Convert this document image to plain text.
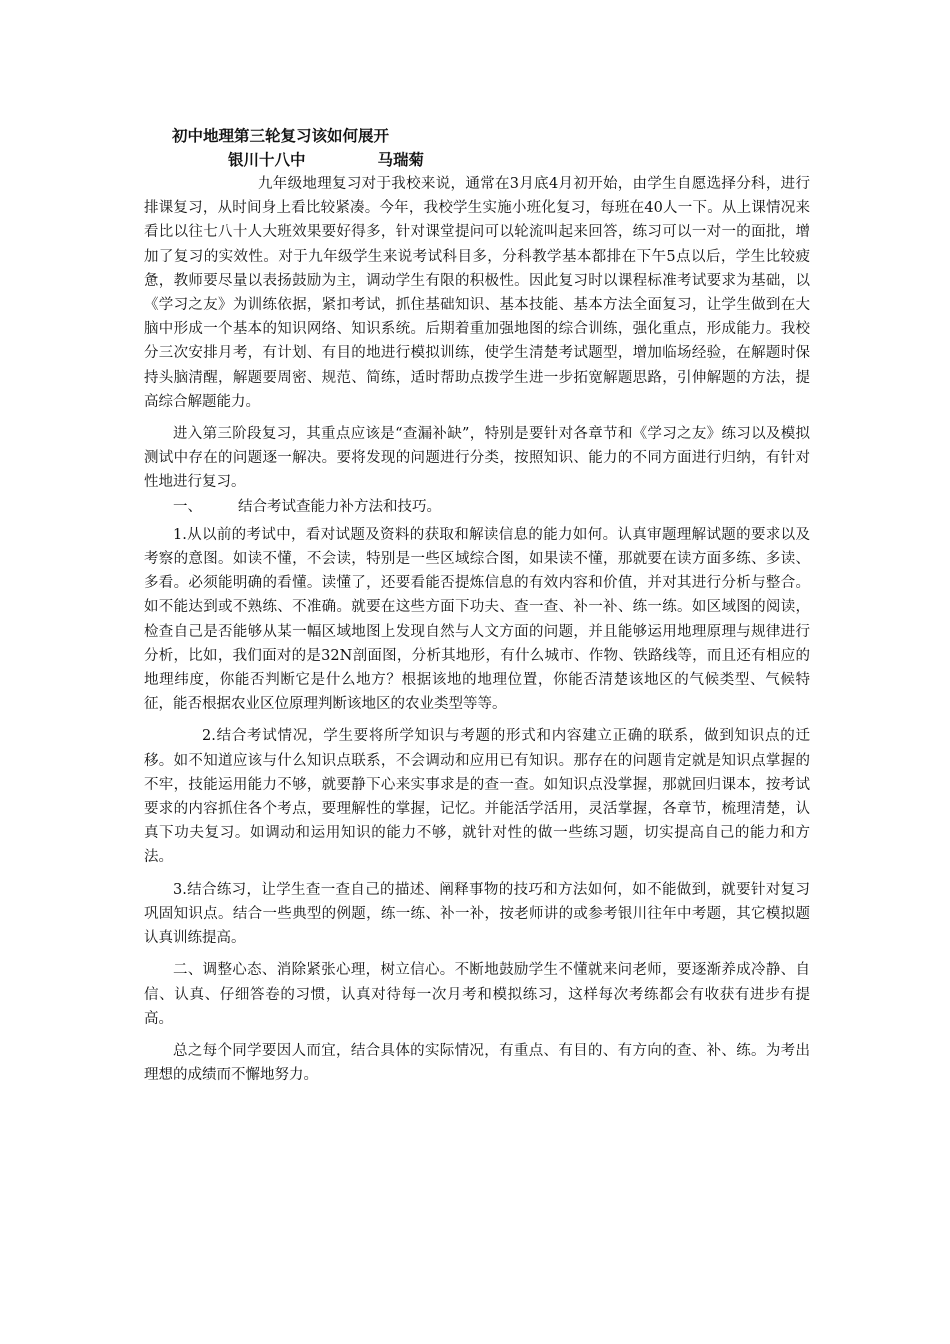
初中地理第三轮复习该如何展开
银川十八中	马瑞菊

九年级地理复习对于我校来说，通常在3月底4月初开始，由学生自愿选择分科，进行排课复习，从时间身上看比较紧凑。今年，我校学生实施小班化复习，每班在40人一下。从上课情况来看比以往七八十人大班效果要好得多，针对课堂提问可以轮流叫起来回答，练习可以一对一的面批，增加了复习的实效性。对于九年级学生来说考试科目多，分科教学基本都排在下午5点以后，学生比较疲惫，教师要尽量以表扬鼓励为主，调动学生有限的积极性。因此复习时以课程标准考试要求为基础，以《学习之友》为训练依据，紧扣考试，抓住基础知识、基本技能、基本方法全面复习，让学生做到在大脑中形成一个基本的知识网络、知识系统。后期着重加强地图的综合训练，强化重点，形成能力。我校分三次安排月考，有计划、有目的地进行模拟训练，使学生清楚考试题型，增加临场经验，在解题时保持头脑清醒，解题要周密、规范、简练，适时帮助点拨学生进一步拓宽解题思路，引伸解题的方法，提高综合解题能力。

进入第三阶段复习，其重点应该是“查漏补缺”，特别是要针对各章节和《学习之友》练习以及模拟测试中存在的问题逐一解决。要将发现的问题进行分类，按照知识、能力的不同方面进行归纳，有针对性地进行复习。

一、 结合考试查能力补方法和技巧。

1.从以前的考试中，看对试题及资料的获取和解读信息的能力如何。认真审题理解试题的要求以及考察的意图。如读不懂，不会读，特别是一些区域综合图，如果读不懂，那就要在读方面多练、多读、多看。必须能明确的看懂。读懂了，还要看能否提炼信息的有效内容和价值，并对其进行分析与整合。如不能达到或不熟练、不准确。就要在这些方面下功夫、查一查、补一补、练一练。如区域图的阅读，检查自己是否能够从某一幅区域地图上发现自然与人文方面的问题，并且能够运用地理原理与规律进行分析，比如，我们面对的是32N剖面图，分析其地形，有什么城市、作物、铁路线等，而且还有相应的地理纬度，你能否判断它是什么地方？根据该地的地理位置，你能否清楚该地区的气候类型、气候特征，能否根据农业区位原理判断该地区的农业类型等等。

2.结合考试情况，学生要将所学知识与考题的形式和内容建立正确的联系，做到知识点的迁移。如不知道应该与什么知识点联系，不会调动和应用已有知识。那存在的问题肯定就是知识点掌握的不牢，技能运用能力不够，就要静下心来实事求是的查一查。如知识点没掌握，那就回归课本，按考试要求的内容抓住各个考点，要理解性的掌握，记忆。并能活学活用，灵活掌握，各章节，梳理清楚，认真下功夫复习。如调动和运用知识的能力不够，就针对性的做一些练习题，切实提高自己的能力和方法。

3.结合练习，让学生查一查自己的描述、阐释事物的技巧和方法如何，如不能做到，就要针对复习巩固知识点。结合一些典型的例题，练一练、补一补，按老师讲的或参考银川往年中考题，其它模拟题认真训练提高。

二、调整心态、消除紧张心理，树立信心。不断地鼓励学生不懂就来问老师，要逐渐养成冷静、自信、认真、仔细答卷的习惯，认真对待每一次月考和模拟练习，这样每次考练都会有收获有进步有提高。

总之每个同学要因人而宜，结合具体的实际情况，有重点、有目的、有方向的查、补、练。为考出理想的成绩而不懈地努力。
